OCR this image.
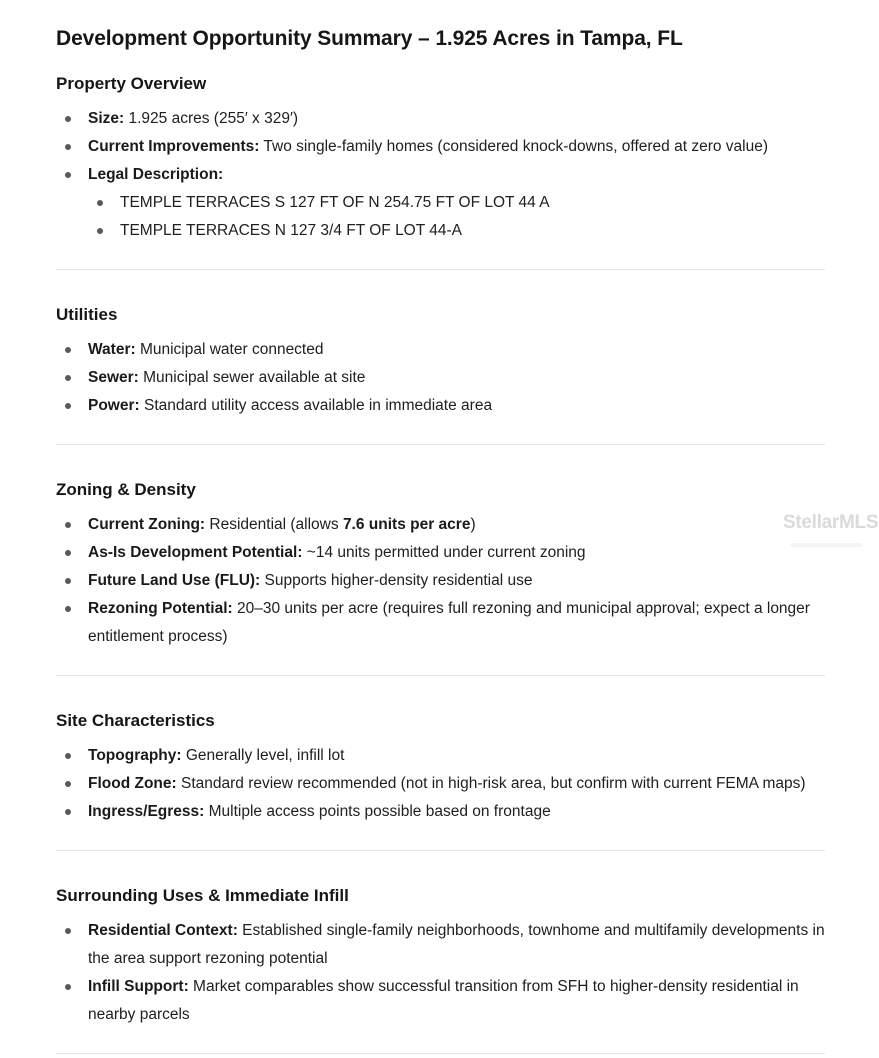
Development Opportunity Summary – 1.925 Acres in Tampa, FL
Property Overview

Size: 1.925 acres (255′ x 329′)

Current Improvements: Two single-family homes (considered knock-downs, offered at zero value)

Legal Description:

TEMPLE TERRACES S 127 FT OF N 254.75 FT OF LOT 44 A

TEMPLE TERRACES N 127 3/4 FT OF LOT 44-A

Utilities

Water: Municipal water connected

Sewer: Municipal sewer available at site

Power: Standard utility access available in immediate area

Zoning & Density

Current Zoning: Residential (allows 7.6 units per acre)

As-Is Development Potential: ~14 units permitted under current zoning

Future Land Use (FLU): Supports higher-density residential use

Rezoning Potential: 20–30 units per acre (requires full rezoning and municipal approval; expect a longer entitlement process)

Site Characteristics

Topography: Generally level, infill lot

Flood Zone: Standard review recommended (not in high-risk area, but confirm with current FEMA maps)

Ingress/Egress: Multiple access points possible based on frontage

Surrounding Uses & Immediate Infill

Residential Context: Established single-family neighborhoods, townhome and multifamily developments in the area support rezoning potential

Infill Support: Market comparables show successful transition from SFH to higher-density residential in nearby parcels

StellarMLS
